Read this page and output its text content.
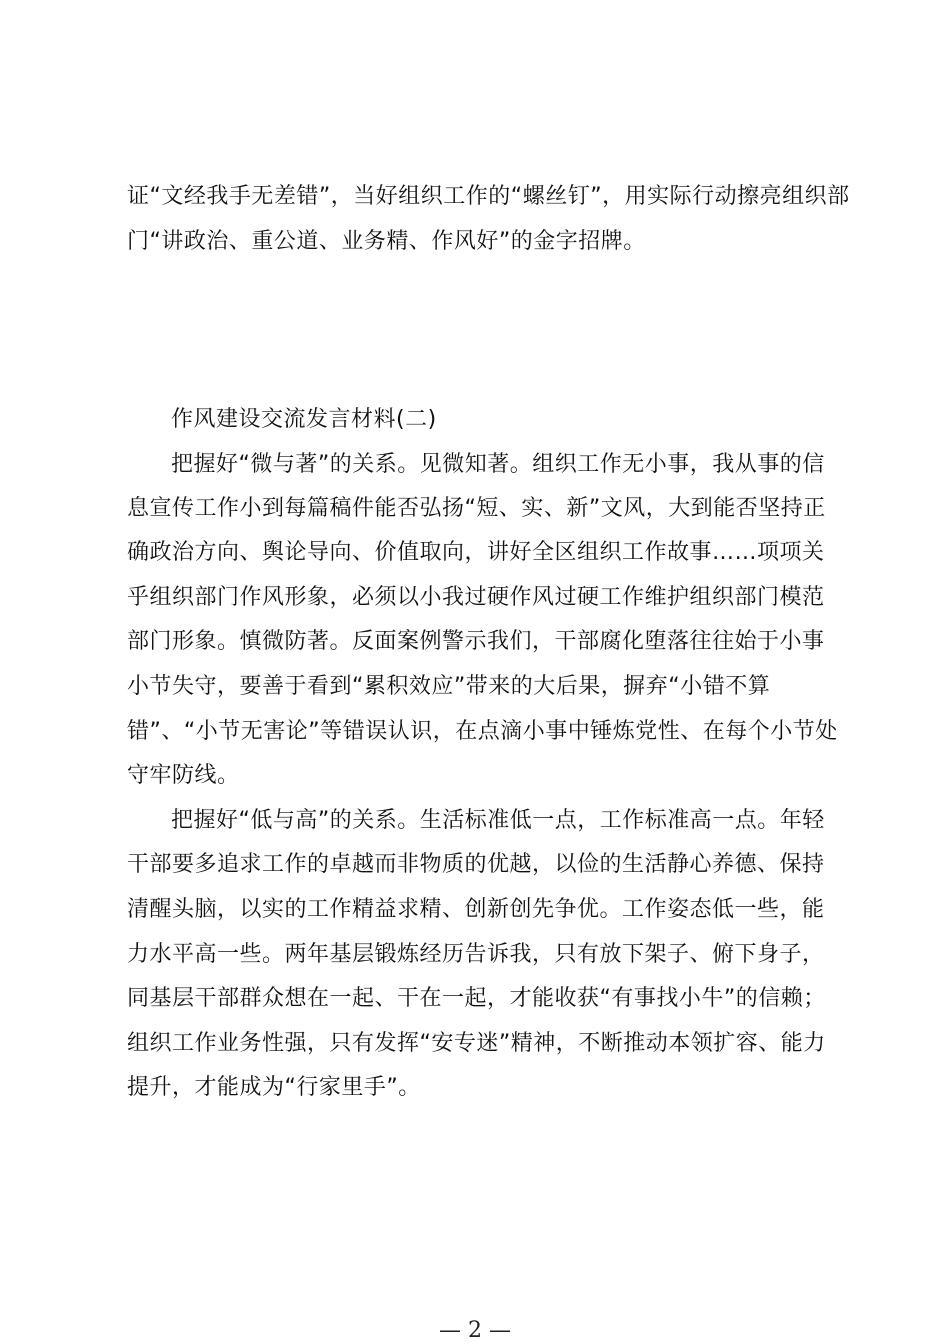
证“文经我手无差错”，当好组织工作的“螺丝钉”，用实际行动擦亮组织部
门“讲政治、重公道、业务精、作风好”的金字招牌。
作风建设交流发言材料(二)
把握好“微与著”的关系。见微知著。组织工作无小事，我从事的信
息宣传工作小到每篇稿件能否弘扬“短、实、新”文风，大到能否坚持正
确政治方向、舆论导向、价值取向，讲好全区组织工作故事……项项关
乎组织部门作风形象，必须以小我过硬作风过硬工作维护组织部门模范
部门形象。慎微防著。反面案例警示我们，干部腐化堕落往往始于小事
小节失守，要善于看到“累积效应”带来的大后果，摒弃“小错不算
错”、“小节无害论”等错误认识，在点滴小事中锤炼党性、在每个小节处
守牢防线。
把握好“低与高”的关系。生活标准低一点，工作标准高一点。年轻
干部要多追求工作的卓越而非物质的优越，以俭的生活静心养德、保持
清醒头脑，以实的工作精益求精、创新创先争优。工作姿态低一些，能
力水平高一些。两年基层锻炼经历告诉我，只有放下架子、俯下身子，
同基层干部群众想在一起、干在一起，才能收获“有事找小牛”的信赖；
组织工作业务性强，只有发挥“安专迷”精神，不断推动本领扩容、能力
提升，才能成为“行家里手”。
— 2 —
